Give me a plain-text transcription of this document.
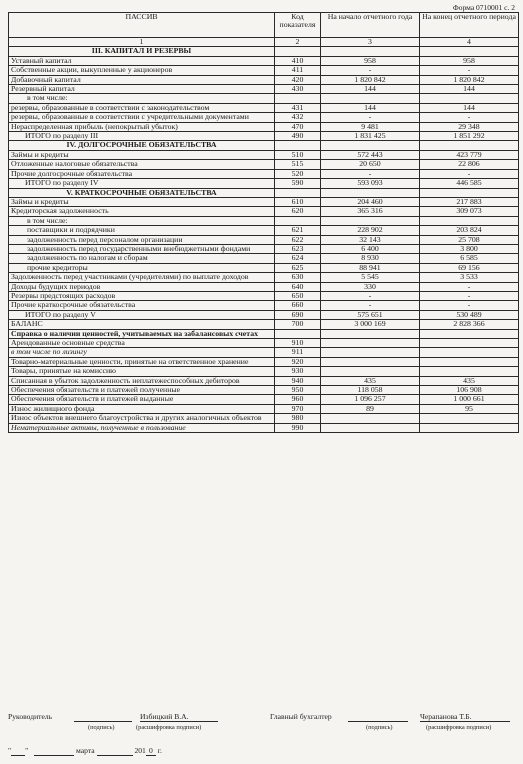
Форма 0710001 с. 2
ПАССИВ	Код показателя	На начало отчетного года	На конец отчетного периода
1	2	3	4
III. КАПИТАЛ И РЕЗЕРВЫ			
Уставный капитал	410	958	958
Собственные акции, выкупленные у акционеров	411	-	-
Добавочный капитал	420	1 820 842	1 820 842
Резервный капитал	430	144	144
в том числе:			
резервы, образованные в соответствии с законодательством	431	144	144
резервы, образованные в соответствии с учредительными документами	432	-	-
Нераспределенная прибыль (непокрытый убыток)	470	9 481	29 348
ИТОГО по разделу III	490	1 831 425	1 851 292
IV. ДОЛГОСРОЧНЫЕ ОБЯЗАТЕЛЬСТВА			
Займы и кредиты	510	572 443	423 779
Отложенные налоговые обязательства	515	20 650	22 806
Прочие долгосрочные обязательства	520	-	-
ИТОГО по разделу IV	590	593 093	446 585
V. КРАТКОСРОЧНЫЕ ОБЯЗАТЕЛЬСТВА			
Займы и кредиты	610	204 460	217 883
Кредиторская задолженность	620	365 316	309 073
в том числе:			
поставщики и подрядчики	621	228 902	203 824
задолженность перед персоналом организации	622	32 143	25 708
задолженность перед государственными внебюджетными фондами	623	6 400	3 800
задолженность по налогам и сборам	624	8 930	6 585
прочие кредиторы	625	88 941	69 156
Задолженность перед участниками (учредителями) по выплате доходов	630	5 545	3 533
Доходы будущих периодов	640	330	-
Резервы предстоящих расходов	650	-	-
Прочие краткосрочные обязательства	660	-	-
ИТОГО по разделу V	690	575 651	530 489
БАЛАНС	700	3 000 169	2 828 366
Справка о наличии ценностей, учитываемых на забалансовых счетах			
Арендованные основные средства	910		
в том числе по лизингу	911		
Товарно-материальные ценности, принятые на ответственное хранение	920		
Товары, принятые на комиссию	930		
Списанная в убыток задолженность неплатежеспособных дебиторов	940	435	435
Обеспечения обязательств и платежей полученные	950	118 058	106 908
Обеспечения обязательств и платежей выданные	960	1 096 257	1 000 661
Износ жилищного фонда	970	89	95
Износ объектов внешнего благоустройства и других аналогичных объектов	980		
Нематериальные активы, полученные в пользование	990		
Руководитель
	Избицкий В.А.
(подпись)	(расшифровка подписи)
Главный бухгалтер
	Черапанова Т.Б.
(подпись)	(расшифровка подписи)
" "	марта	201 0 г.
